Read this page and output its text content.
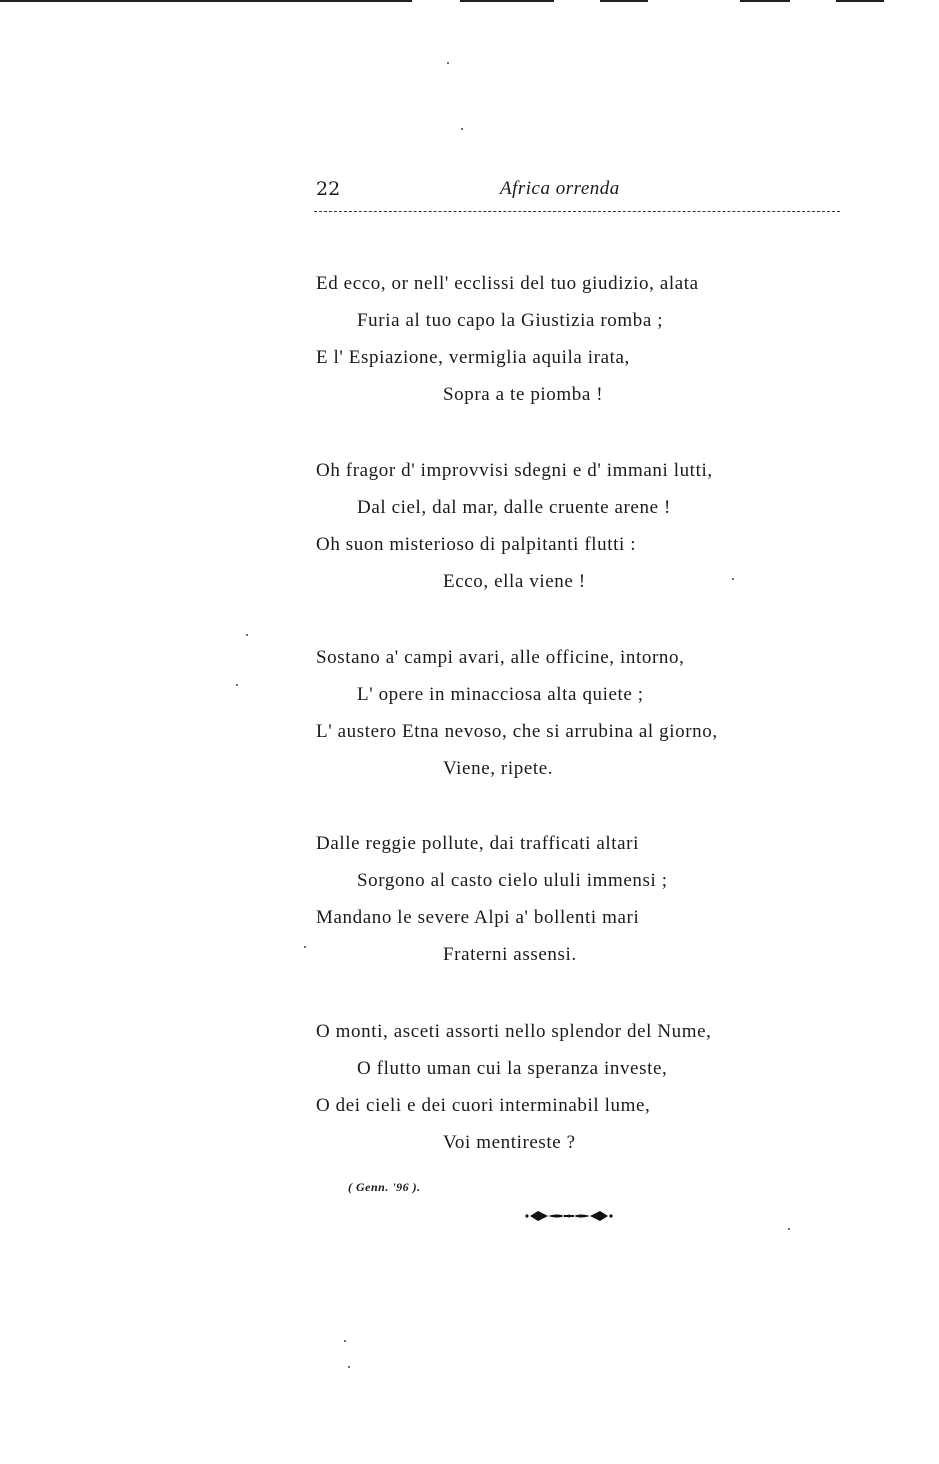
22	Africa orrenda
Ed ecco, or nell' ecclissi del tuo giudizio, alata
Furia al tuo capo la Giustizia romba ;
E l' Espiazione, vermiglia aquila irata,
Sopra a te piomba !
Oh fragor d' improvvisi sdegni e d' immani lutti,
Dal ciel, dal mar, dalle cruente arene !
Oh suon misterioso di palpitanti flutti :
Ecco, ella viene !
Sostano a' campi avari, alle officine, intorno,
L' opere in minacciosa alta quiete ;
L' austero Etna nevoso, che si arrubina al giorno,
Viene, ripete.
Dalle reggie pollute, dai trafficati altari
Sorgono al casto cielo ululi immensi ;
Mandano le severe Alpi a' bollenti mari
Fraterni assensi.
O monti, asceti assorti nello splendor del Nume,
O flutto uman cui la speranza investe,
O dei cieli e dei cuori interminabil lume,
Voi mentireste ?
( Genn. '96 ).
